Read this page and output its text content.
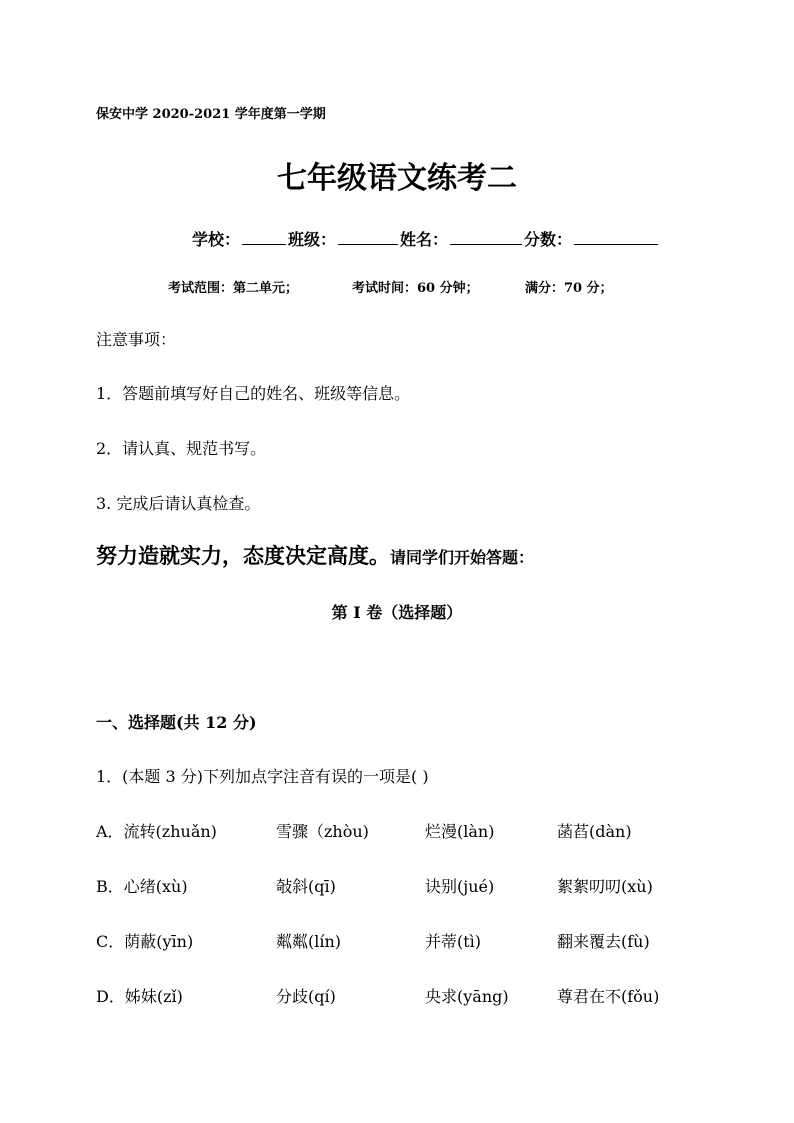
保安中学 2020-2021 学年度第一学期
七年级语文练考二
学校：	班级：	姓名：	分数：
考试范围：第二单元；	考试时间：60 分钟；	满分：70 分；
注意事项：
1．答题前填写好自己的姓名、班级等信息。
2．请认真、规范书写。
3. 完成后请认真检查。
努力造就实力，态度决定高度。请同学们开始答题：
第 I 卷（选择题）
一、选择题(共 12 分)
1．(本题 3 分)下列加点字注音有误的一项是( )
A．流转(zhuǎn)	雪骤（zhòu)	烂漫(làn)	菡萏(dàn)
B．心绪(xù)	敧斜(qī)	诀别(jué)	絮絮叨叨(xù)
C．荫蔽(yīn)	粼粼(lín)	并蒂(tì)	翻来覆去(fù)
D．姊妹(zǐ)	分歧(qí)	央求(yāng)	尊君在不(fǒu)
